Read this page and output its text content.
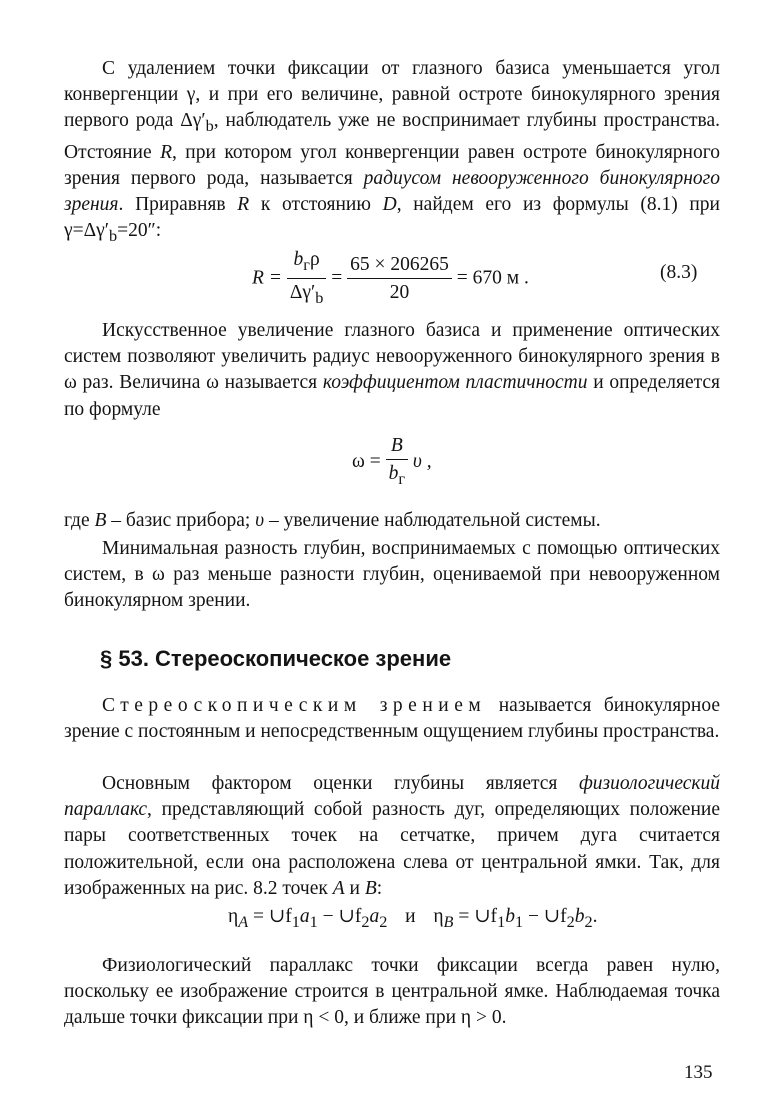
С удалением точки фиксации от глазного базиса уменьшается угол конвергенции γ, и при его величине, равной остроте бинокулярного зрения первого рода $\Delta\gamma'_b$, наблюдатель уже не воспринимает глубины пространства. Отстояние R, при котором угол конвергенции равен остроте бинокулярного зрения первого рода, называется радиусом невооруженного бинокулярного зрения. Приравняв R к отстоянию D, найдем его из формулы (8.1) при $\gamma=\Delta\gamma'_b=20''$:

$R = \frac{b_г\rho}{\Delta\gamma'_b} = \frac{65 \times 206265}{20} = 670$ м .	(8.3)

Искусственное увеличение глазного базиса и применение оптических систем позволяют увеличить радиус невооруженного бинокулярного зрения в ω раз. Величина ω называется коэффициентом пластичности и определяется по формуле

$\omega = \frac{B}{b_г}$ υ ,

где B – базис прибора; υ – увеличение наблюдательной системы.

Минимальная разность глубин, воспринимаемых с помощью оптических систем, в ω раз меньше разности глубин, оцениваемой при невооруженном бинокулярном зрении.

§ 53. Стереоскопическое зрение

Стереоскопическим зрением называется бинокулярное зрение с постоянным и непосредственным ощущением глубины пространства.

Основным фактором оценки глубины является физиологический параллакс, представляющий собой разность дуг, определяющих положение пары соответственных точек на сетчатке, причем дуга считается положительной, если она расположена слева от центральной ямки. Так, для изображенных на рис. 8.2 точек A и B:

$\eta_A$ = $\cup f_1a_1$ − $\cup f_2a_2$ и $\eta_B$ = $\cup f_1b_1$ − $\cup f_2b_2$.

Физиологический параллакс точки фиксации всегда равен нулю, поскольку ее изображение строится в центральной ямке. Наблюдаемая точка дальше точки фиксации при η < 0, и ближе при η > 0.

135
